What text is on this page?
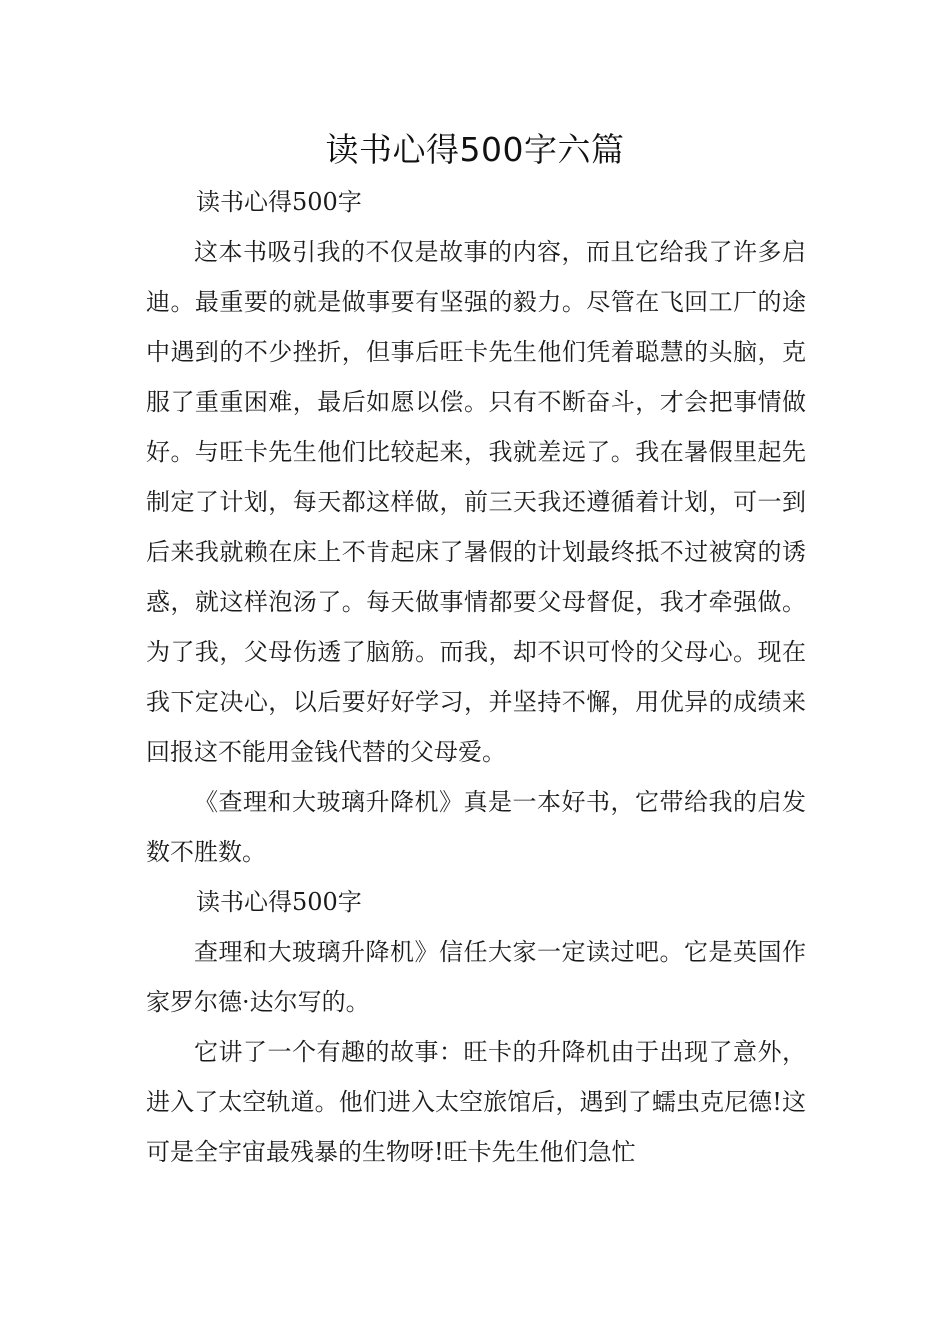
读书心得500字六篇

读书心得500字

这本书吸引我的不仅是故事的内容，而且它给我了许多启迪。最重要的就是做事要有坚强的毅力。尽管在飞回工厂的途中遇到的不少挫折，但事后旺卡先生他们凭着聪慧的头脑，克服了重重困难，最后如愿以偿。只有不断奋斗，才会把事情做好。与旺卡先生他们比较起来，我就差远了。我在暑假里起先制定了计划，每天都这样做，前三天我还遵循着计划，可一到后来我就赖在床上不肯起床了暑假的计划最终抵不过被窝的诱惑，就这样泡汤了。每天做事情都要父母督促，我才牵强做。为了我，父母伤透了脑筋。而我，却不识可怜的父母心。现在我下定决心，以后要好好学习，并坚持不懈，用优异的成绩来回报这不能用金钱代替的父母爱。

《查理和大玻璃升降机》真是一本好书，它带给我的启发数不胜数。

读书心得500字

查理和大玻璃升降机》信任大家一定读过吧。它是英国作家罗尔德·达尔写的。

它讲了一个有趣的故事：旺卡的升降机由于出现了意外，进入了太空轨道。他们进入太空旅馆后，遇到了蠕虫克尼德!这可是全宇宙最残暴的生物呀!旺卡先生他们急忙
